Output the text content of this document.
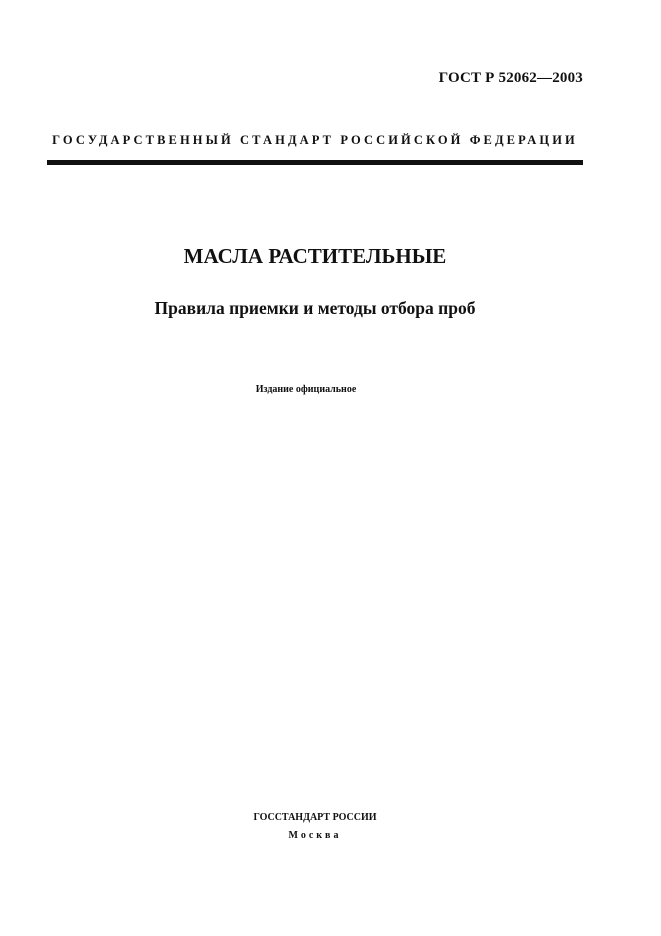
ГОСТ Р 52062—2003
ГОСУДАРСТВЕННЫЙ СТАНДАРТ РОССИЙСКОЙ ФЕДЕРАЦИИ
МАСЛА РАСТИТЕЛЬНЫЕ
Правила приемки и методы отбора проб
Издание официальное
ГОССТАНДАРТ РОССИИ
Москва
